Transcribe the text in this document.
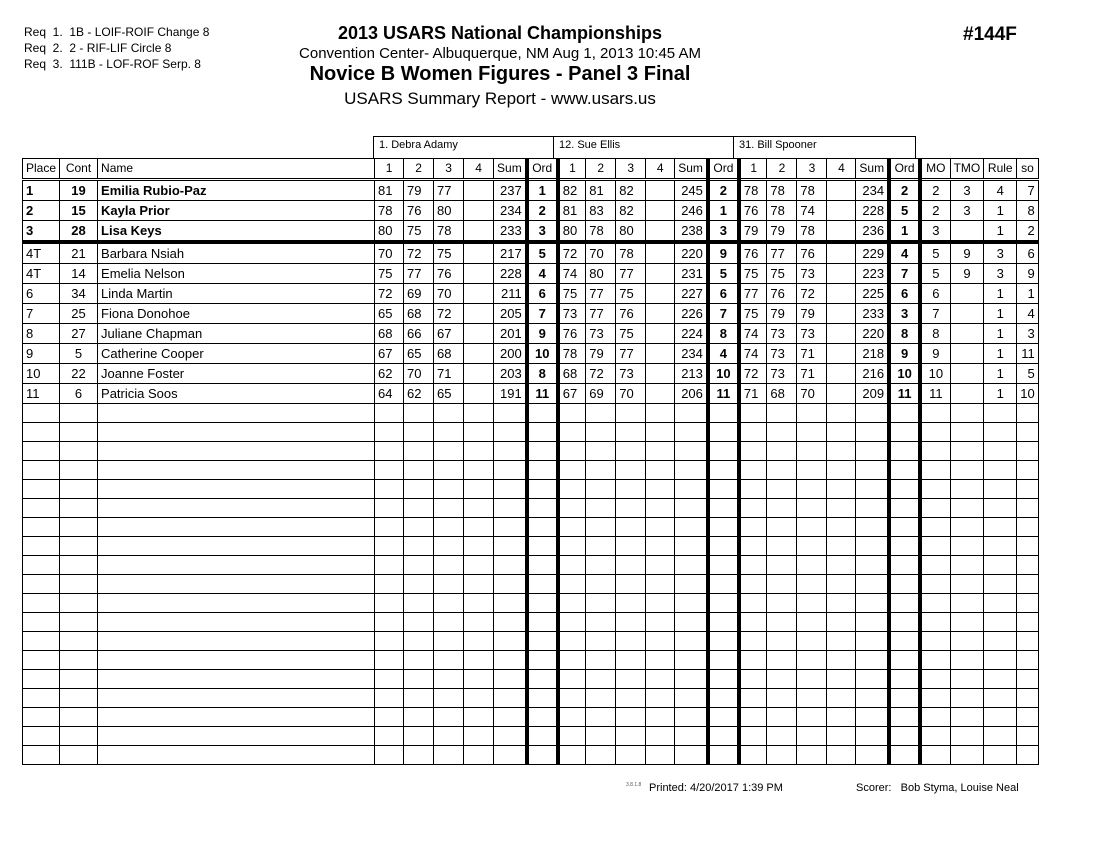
Req  1.  1B - LOIF-ROIF Change 8
Req  2.  2 - RIF-LIF Circle 8
Req  3.  111B - LOF-ROF Serp. 8
2013 USARS National Championships
Convention Center- Albuquerque, NM Aug 1, 2013 10:45 AM
Novice B Women Figures - Panel 3 Final
USARS Summary Report - www.usars.us
#144F
1. Debra Adamy	12. Sue Ellis	31. Bill Spooner
Place	Cont	Name	1	2	3	4	Sum	Ord	1	2	3	4	Sum	Ord	1	2	3	4	Sum	Ord	MO	TMO	Rule	so
1	19	Emilia Rubio-Paz	81	79	77		237	1	82	81	82		245	2	78	78	78		234	2	2	3	4	7
2	15	Kayla Prior	78	76	80		234	2	81	83	82		246	1	76	78	74		228	5	2	3	1	8
3	28	Lisa Keys	80	75	78		233	3	80	78	80		238	3	79	79	78		236	1	3		1	2
4T	21	Barbara Nsiah	70	72	75		217	5	72	70	78		220	9	76	77	76		229	4	5	9	3	6
4T	14	Emelia Nelson	75	77	76		228	4	74	80	77		231	5	75	75	73		223	7	5	9	3	9
6	34	Linda Martin	72	69	70		211	6	75	77	75		227	6	77	76	72		225	6	6		1	1
7	25	Fiona Donohoe	65	68	72		205	7	73	77	76		226	7	75	79	79		233	3	7		1	4
8	27	Juliane Chapman	68	66	67		201	9	76	73	75		224	8	74	73	73		220	8	8		1	3
9	5	Catherine Cooper	67	65	68		200	10	78	79	77		234	4	74	73	71		218	9	9		1	11
10	22	Joanne Foster	62	70	71		203	8	68	72	73		213	10	72	73	71		216	10	10		1	5
11	6	Patricia Soos	64	62	65		191	11	67	69	70		206	11	71	68	70		209	11	11		1	10

3.8.1.8 Printed: 4/20/2017 1:39 PM	Scorer:   Bob Styma, Louise Neal
